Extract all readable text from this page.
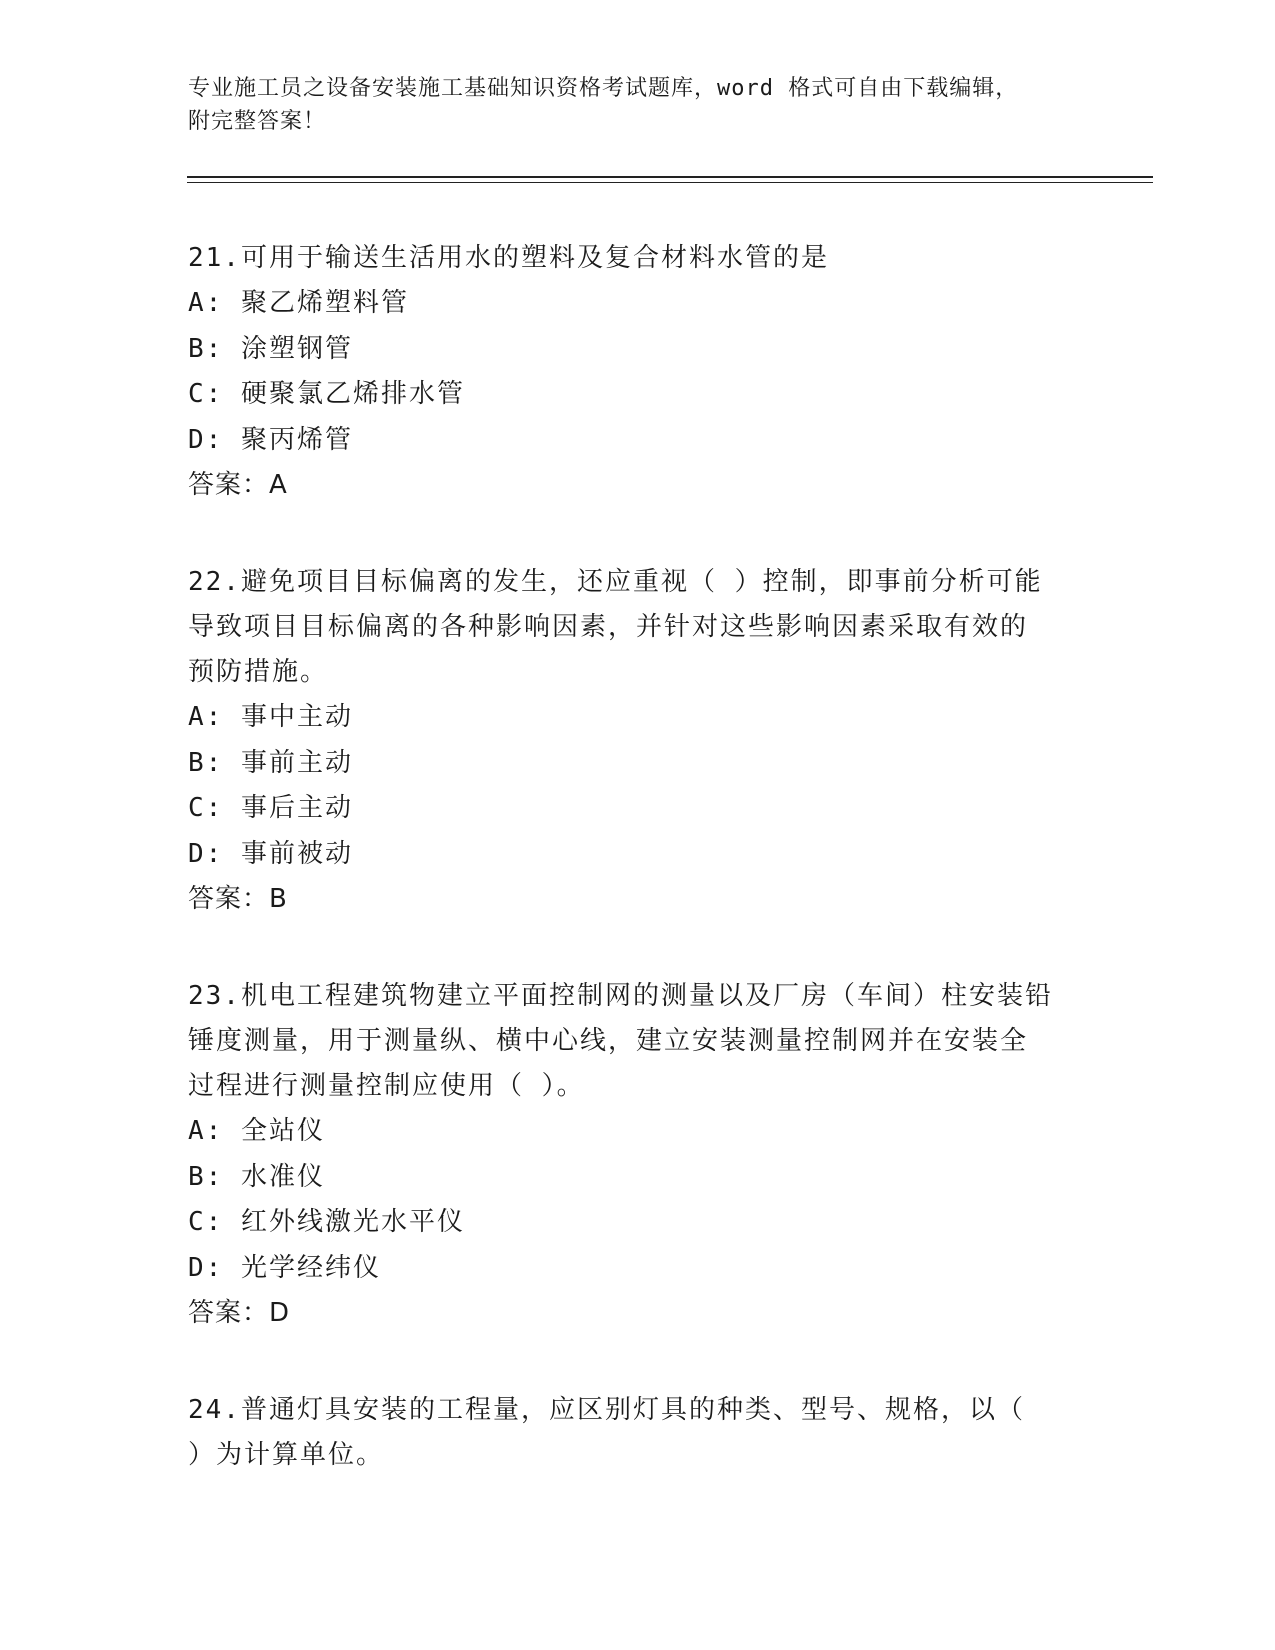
专业施工员之设备安装施工基础知识资格考试题库，word 格式可自由下载编辑，
附完整答案！

21.可用于输送生活用水的塑料及复合材料水管的是

A: 聚乙烯塑料管

B: 涂塑钢管

C: 硬聚氯乙烯排水管

D: 聚丙烯管

答案：A

22.避免项目目标偏离的发生，还应重视（ ）控制，即事前分析可能

导致项目目标偏离的各种影响因素，并针对这些影响因素采取有效的

预防措施。

A: 事中主动

B: 事前主动

C: 事后主动

D: 事前被动

答案：B

23.机电工程建筑物建立平面控制网的测量以及厂房（车间）柱安装铅

锤度测量，用于测量纵、横中心线，建立安装测量控制网并在安装全

过程进行测量控制应使用（ ）。

A: 全站仪

B: 水准仪

C: 红外线激光水平仪

D: 光学经纬仪

答案：D

24.普通灯具安装的工程量，应区别灯具的种类、型号、规格，以（

）为计算单位。
